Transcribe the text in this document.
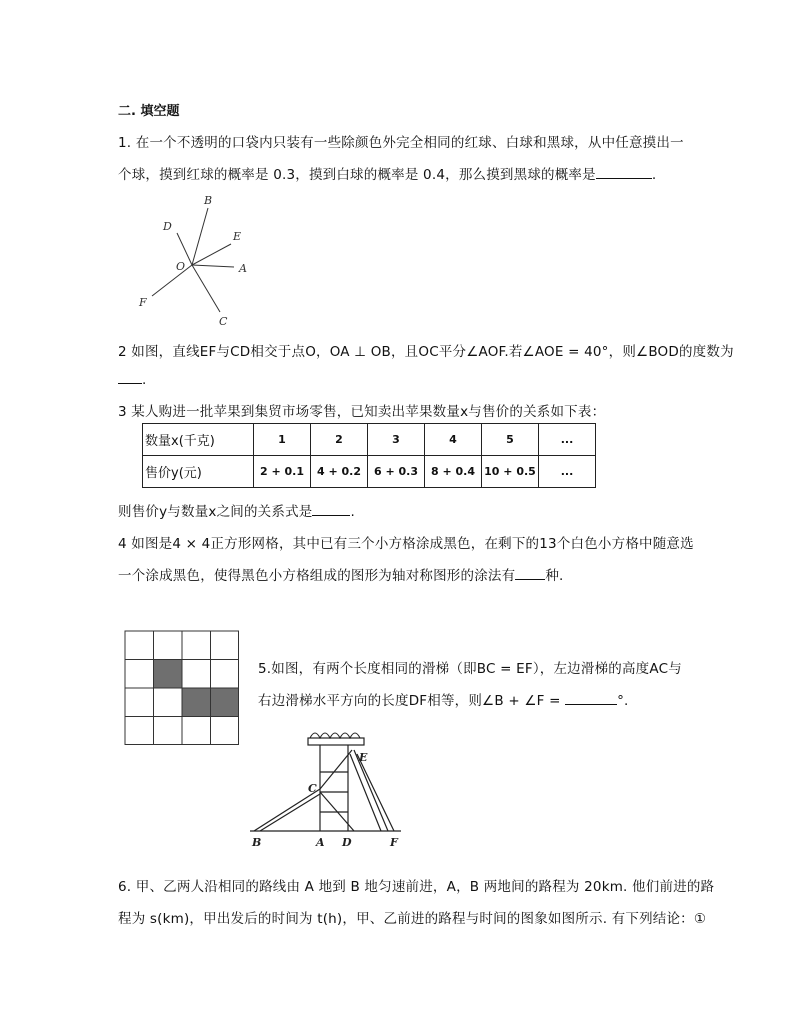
二. 填空题
1. 在一个不透明的口袋内只装有一些除颜色外完全相同的红球、白球和黑球，从中任意摸出一
个球，摸到红球的概率是 0.3，摸到白球的概率是 0.4，那么摸到黑球的概率是	.
B
D
E
O	A
F
C
2 如图，直线EF与CD相交于点O，OA ⊥ OB，且OC平分∠AOF.若∠AOE = 40°，则∠BOD的度数为
.
3 某人购进一批苹果到集贸市场零售，已知卖出苹果数量x与售价的关系如下表：
数量x(千克)	1	2	3	4	5	...
售价y(元)	2 + 0.1	4 + 0.2	6 + 0.3	8 + 0.4	10 + 0.5	...
则售价y与数量x之间的关系式是	.
4 如图是4 × 4正方形网格，其中已有三个小方格涂成黑色，在剩下的13个白色小方格中随意选
一个涂成黑色，使得黑色小方格组成的图形为轴对称图形的涂法有 种.
5.如图，有两个长度相同的滑梯（即BC = EF），左边滑梯的高度AC与
右边滑梯水平方向的长度DF相等，则∠B + ∠F =	°.
E
C
B	A D	F
6. 甲、乙两人沿相同的路线由 A 地到 B 地匀速前进，A，B 两地间的路程为 20km. 他们前进的路
程为 s(km)，甲出发后的时间为 t(h)，甲、乙前进的路程与时间的图象如图所示. 有下列结论：①
